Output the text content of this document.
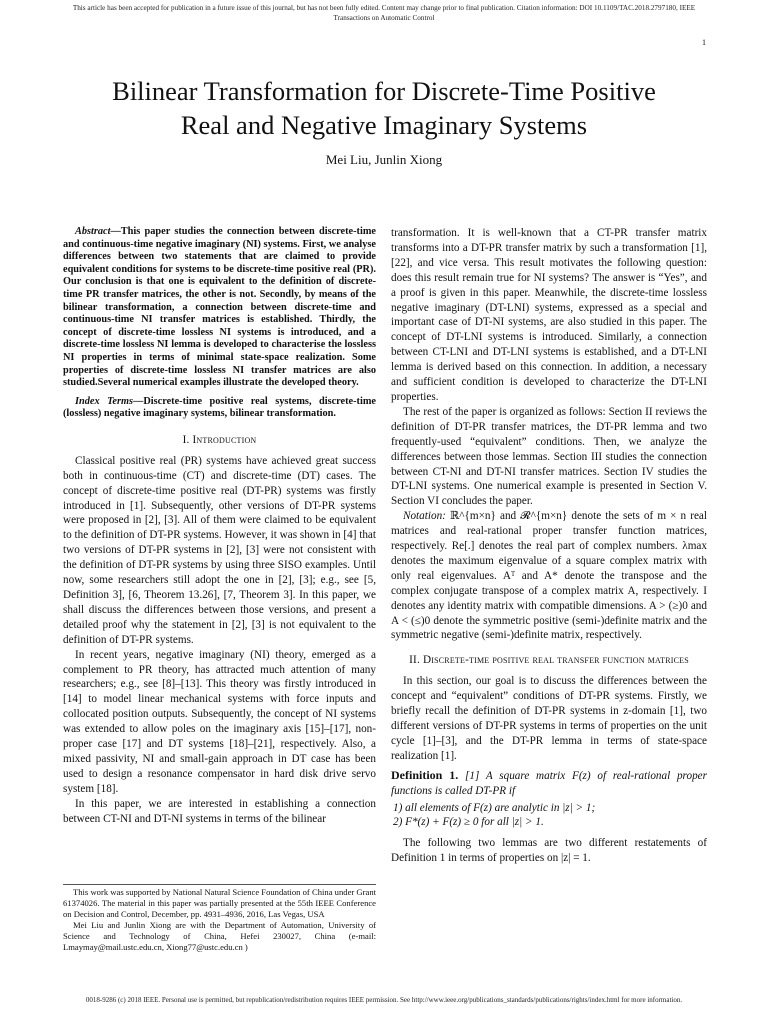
This article has been accepted for publication in a future issue of this journal, but has not been fully edited. Content may change prior to final publication. Citation information: DOI 10.1109/TAC.2018.2797180, IEEE
Transactions on Automatic Control
1
Bilinear Transformation for Discrete-Time Positive
Real and Negative Imaginary Systems
Mei Liu, Junlin Xiong

Abstract—This paper studies the connection between discrete-time and continuous-time negative imaginary (NI) systems. First, we analyse differences between two statements that are claimed to provide equivalent conditions for systems to be discrete-time positive real (PR). Our conclusion is that one is equivalent to the definition of discrete-time PR transfer matrices, the other is not. Secondly, by means of the bilinear transformation, a connection between discrete-time and continuous-time NI transfer matrices is established. Thirdly, the concept of discrete-time lossless NI systems is introduced, and a discrete-time lossless NI lemma is developed to characterise the lossless NI properties in terms of minimal state-space realization. Some properties of discrete-time lossless NI transfer matrices are also studied.Several numerical examples illustrate the developed theory.

Index Terms—Discrete-time positive real systems, discrete-time (lossless) negative imaginary systems, bilinear transformation.

I. Introduction

Classical positive real (PR) systems have achieved great success both in continuous-time (CT) and discrete-time (DT) cases. The concept of discrete-time positive real (DT-PR) systems was firstly introduced in [1]. Subsequently, other versions of DT-PR systems were proposed in [2], [3]. All of them were claimed to be equivalent to the definition of DT-PR systems. However, it was shown in [4] that two versions of DT-PR systems in [2], [3] were not consistent with the definition of DT-PR systems by using three SISO examples. Until now, some researchers still adopt the one in [2], [3]; e.g., see [5, Definition 3], [6, Theorem 13.26], [7, Theorem 3]. In this paper, we shall discuss the differences between those versions, and present a detailed proof why the statement in [2], [3] is not equivalent to the definition of DT-PR systems.

In recent years, negative imaginary (NI) theory, emerged as a complement to PR theory, has attracted much attention of many researchers; e.g., see [8]–[13]. This theory was firstly introduced in [14] to model linear mechanical systems with force inputs and collocated position outputs. Subsequently, the concept of NI systems was extended to allow poles on the imaginary axis [15]–[17], non-proper case [17] and DT systems [18]–[21], respectively. Also, a mixed passivity, NI and small-gain approach in DT case has been used to design a resonance compensator in hard disk drive servo system [18].

In this paper, we are interested in establishing a connection between CT-NI and DT-NI systems in terms of the bilinear

This work was supported by National Natural Science Foundation of China under Grant 61374026. The material in this paper was partially presented at the 55th IEEE Conference on Decision and Control, December, pp. 4931–4936, 2016, Las Vegas, USA

Mei Liu and Junlin Xiong are with the Department of Automation, University of Science and Technology of China, Hefei 230027, China (e-mail: Lmaymay@mail.ustc.edu.cn, Xiong77@ustc.edu.cn )

transformation. It is well-known that a CT-PR transfer matrix transforms into a DT-PR transfer matrix by such a transformation [1], [22], and vice versa. This result motivates the following question: does this result remain true for NI systems? The answer is “Yes”, and a proof is given in this paper. Meanwhile, the discrete-time lossless negative imaginary (DT-LNI) systems, expressed as a special and important case of DT-NI systems, are also studied in this paper. The concept of DT-LNI systems is introduced. Similarly, a connection between CT-LNI and DT-LNI systems is established, and a DT-LNI lemma is derived based on this connection. In addition, a necessary and sufficient condition is developed to characterize the DT-LNI properties.

The rest of the paper is organized as follows: Section II reviews the definition of DT-PR transfer matrices, the DT-PR lemma and two frequently-used “equivalent” conditions. Then, we analyze the differences between those lemmas. Section III studies the connection between CT-NI and DT-NI transfer matrices. Section IV studies the DT-LNI systems. One numerical example is presented in Section V. Section VI concludes the paper.

Notation: ℝ^{m×n} and 𝓡^{m×n} denote the sets of m × n real matrices and real-rational proper transfer function matrices, respectively. Re[.] denotes the real part of complex numbers. λmax denotes the maximum eigenvalue of a square complex matrix with only real eigenvalues. Aᵀ and A* denote the transpose and the complex conjugate transpose of a complex matrix A, respectively. I denotes any identity matrix with compatible dimensions. A > (≥)0 and A < (≤)0 denote the symmetric positive (semi-)definite matrix and the symmetric negative (semi-)definite matrix, respectively.

II. Discrete-time positive real transfer function matrices

In this section, our goal is to discuss the differences between the concept and “equivalent” conditions of DT-PR systems. Firstly, we briefly recall the definition of DT-PR systems in z-domain [1], two different versions of DT-PR systems in terms of properties on the unit cycle [1]–[3], and the DT-PR lemma in terms of state-space realization [1].

Definition 1. [1] A square matrix F(z) of real-rational proper functions is called DT-PR if

1) all elements of F(z) are analytic in |z| > 1;
2) F*(z) + F(z) ≥ 0 for all |z| > 1.

The following two lemmas are two different restatements of Definition 1 in terms of properties on |z| = 1.

0018-9286 (c) 2018 IEEE. Personal use is permitted, but republication/redistribution requires IEEE permission. See http://www.ieee.org/publications_standards/publications/rights/index.html for more information.
